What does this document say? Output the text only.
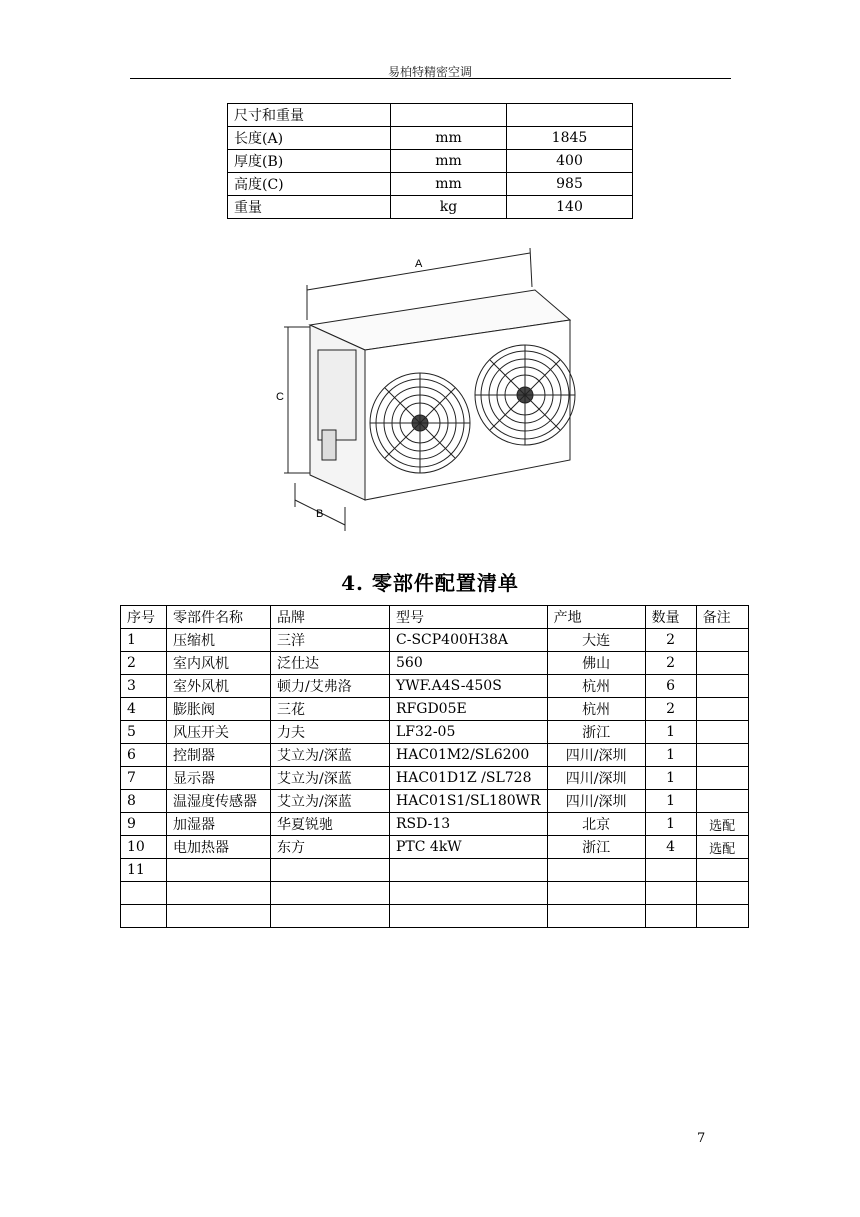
易柏特精密空调
尺寸和重量		
长度(A)	mm	1845
厚度(B)	mm	400
高度(C)	mm	985
重量	kg	140
A
C
B
4. 零部件配置清单
序号	零部件名称	品牌	型号	产地	数量	备注
1	压缩机	三洋	C-SCP400H38A	大连	2	
2	室内风机	泛仕达	560	佛山	2	
3	室外风机	顿力/艾弗洛	YWF.A4S-450S	杭州	6	
4	膨胀阀	三花	RFGD05E	杭州	2	
5	风压开关	力夫	LF32-05	浙江	1	
6	控制器	艾立为/深蓝	HAC01M2/SL6200	四川/深圳	1	
7	显示器	艾立为/深蓝	HAC01D1Z /SL728	四川/深圳	1	
8	温湿度传感器	艾立为/深蓝	HAC01S1/SL180WR	四川/深圳	1	
9	加湿器	华夏锐驰	RSD-13	北京	1	选配
10	电加热器	东方	PTC 4kW	浙江	4	选配
11						

7
